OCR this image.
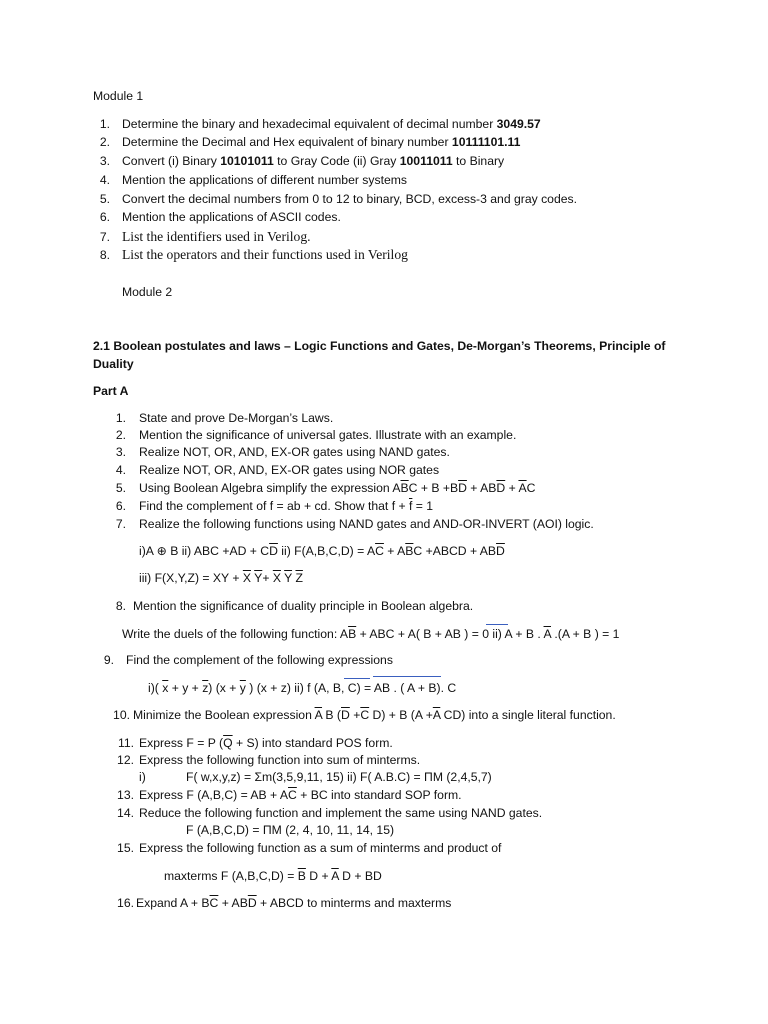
Module 1
1. Determine the binary and hexadecimal equivalent of decimal number 3049.57
2. Determine the Decimal and Hex equivalent of binary number 10111101.11
3. Convert (i) Binary 10101011 to Gray Code (ii) Gray 10011011 to Binary
4. Mention the applications of different number systems
5. Convert the decimal numbers from 0 to 12 to binary, BCD, excess-3 and gray codes.
6. Mention the applications of ASCII codes.
7. List the identifiers used in Verilog.
8. List the operators and their functions used in Verilog
Module 2
2.1 Boolean postulates and laws – Logic Functions and Gates, De-Morgan’s Theorems, Principle of
Duality
Part A
1. State and prove De-Morgan’s Laws.
2. Mention the significance of universal gates. Illustrate with an example.
3. Realize NOT, OR, AND, EX-OR gates using NAND gates.
4. Realize NOT, OR, AND, EX-OR gates using NOR gates
5. Using Boolean Algebra simplify the expression $A\overline{B}C + B +B\overline{D} + AB\overline{D} + \overline{A}C$
6. Find the complement of f = ab + cd. Show that $f + \overline{f} = 1$
7. Realize the following functions using NAND gates and AND-OR-INVERT (AOI) logic.
i)A ⊕ B ii) ABC $+AD + C\overline{D}$ ii) $F(A,B,C,D) = A\overline{C} + A\overline{B}C$ +ABCD + $AB\overline{D}$
iii) F(X,Y,Z) = XY + $\overline{X}$ $\overline{Y}+ \overline{X}$ $\overline{Y}$ $\overline{Z}$
8. Mention the significance of duality principle in Boolean algebra.
Write the duels of the following function: $A\overline{B}$ + ABC + A( B + AB ) = 0 ii) A + B . $\overline{A}$ .(A + B ) = 1
9. Find the complement of the following expressions
i)( $\overline{x} + y + \overline{z}$) ($x + \overline{y}$ ) (x + z) ii) f (A, B, C) = AB . ( A + B). C
10. Minimize the Boolean expression $\overline{A}$ B ($\overline{D} +\overline{C}$ D) + B ($A +\overline{A}$ CD) into a single literal function.
11. Express F = P $(\overline{Q} + S)$ into standard POS form.
12. Express the following function into sum of minterms.
i)	F( w,x,y,z) = Σm(3,5,9,11, 15) ii) F( A.B.C) = ΠM (2,4,5,7)
13. Express F (A,B,C) = AB + $A\overline{C}$ + BC into standard SOP form.
14. Reduce the following function and implement the same using NAND gates.
F (A,B,C,D) = ΠM (2, 4, 10, 11, 14, 15)
15. Express the following function as a sum of minterms and product of
maxterms F $(A,B,C,D) = \overline{B}$ $D + \overline{A}$ D + BD
16. Expand $A + B\overline{C} + AB\overline{D}$ + ABCD to minterms and maxterms
